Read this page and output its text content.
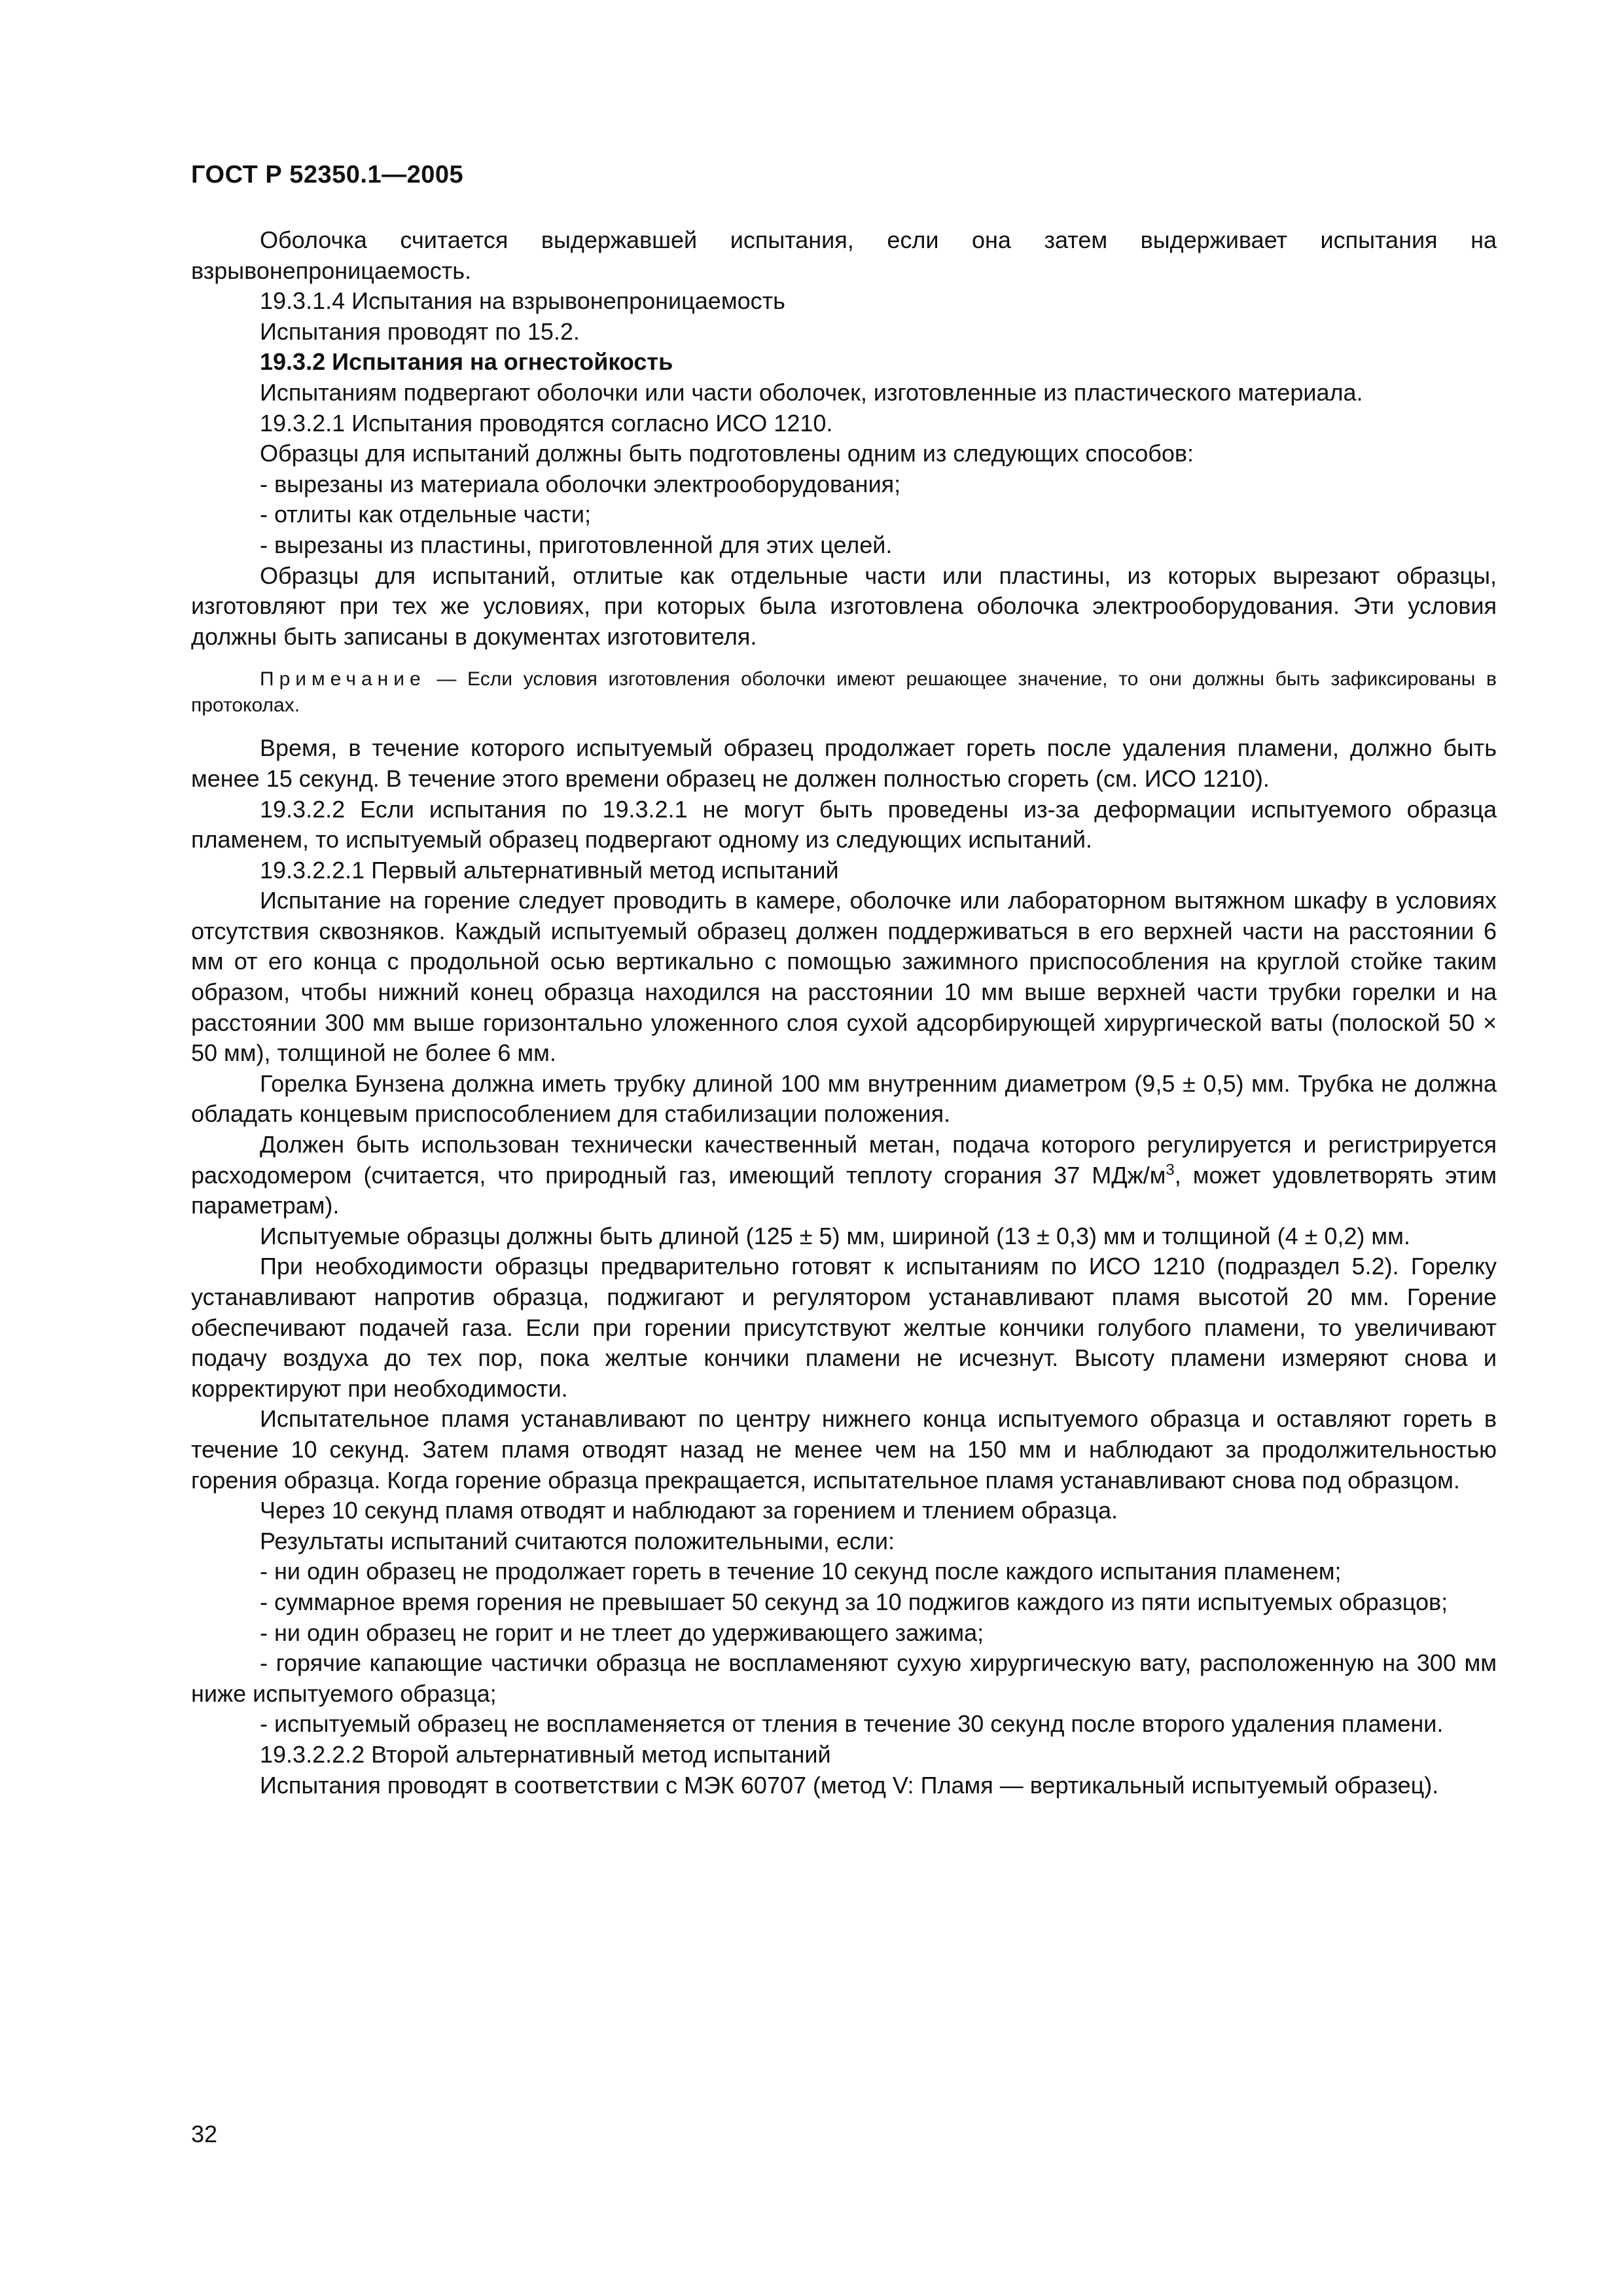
ГОСТ Р 52350.1—2005

Оболочка считается выдержавшей испытания, если она затем выдерживает испытания на взрывонепроницаемость.

19.3.1.4 Испытания на взрывонепроницаемость

Испытания проводят по 15.2.

19.3.2 Испытания на огнестойкость

Испытаниям подвергают оболочки или части оболочек, изготовленные из пластического материала.

19.3.2.1 Испытания проводятся согласно ИСО 1210.

Образцы для испытаний должны быть подготовлены одним из следующих способов:

- вырезаны из материала оболочки электрооборудования;

- отлиты как отдельные части;

- вырезаны из пластины, приготовленной для этих целей.

Образцы для испытаний, отлитые как отдельные части или пластины, из которых вырезают образцы, изготовляют при тех же условиях, при которых была изготовлена оболочка электрооборудования. Эти условия должны быть записаны в документах изготовителя.

Примечание — Если условия изготовления оболочки имеют решающее значение, то они должны быть зафиксированы в протоколах.

Время, в течение которого испытуемый образец продолжает гореть после удаления пламени, должно быть менее 15 секунд. В течение этого времени образец не должен полностью сгореть (см. ИСО 1210).

19.3.2.2 Если испытания по 19.3.2.1 не могут быть проведены из-за деформации испытуемого образца пламенем, то испытуемый образец подвергают одному из следующих испытаний.

19.3.2.2.1 Первый альтернативный метод испытаний

Испытание на горение следует проводить в камере, оболочке или лабораторном вытяжном шкафу в условиях отсутствия сквозняков. Каждый испытуемый образец должен поддерживаться в его верхней части на расстоянии 6 мм от его конца с продольной осью вертикально с помощью зажимного приспособления на круглой стойке таким образом, чтобы нижний конец образца находился на расстоянии 10 мм выше верхней части трубки горелки и на расстоянии 300 мм выше горизонтально уложенного слоя сухой адсорбирующей хирургической ваты (полоской 50 × 50 мм), толщиной не более 6 мм.

Горелка Бунзена должна иметь трубку длиной 100 мм внутренним диаметром (9,5 ± 0,5) мм. Трубка не должна обладать концевым приспособлением для стабилизации положения.

Должен быть использован технически качественный метан, подача которого регулируется и регистрируется расходомером (считается, что природный газ, имеющий теплоту сгорания 37 МДж/$м^3$, может удовлетворять этим параметрам).

Испытуемые образцы должны быть длиной (125 ± 5) мм, шириной (13 ± 0,3) мм и толщиной (4 ± 0,2) мм.

При необходимости образцы предварительно готовят к испытаниям по ИСО 1210 (подраздел 5.2). Горелку устанавливают напротив образца, поджигают и регулятором устанавливают пламя высотой 20 мм. Горение обеспечивают подачей газа. Если при горении присутствуют желтые кончики голубого пламени, то увеличивают подачу воздуха до тех пор, пока желтые кончики пламени не исчезнут. Высоту пламени измеряют снова и корректируют при необходимости.

Испытательное пламя устанавливают по центру нижнего конца испытуемого образца и оставляют гореть в течение 10 секунд. Затем пламя отводят назад не менее чем на 150 мм и наблюдают за продолжительностью горения образца. Когда горение образца прекращается, испытательное пламя устанавливают снова под образцом.

Через 10 секунд пламя отводят и наблюдают за горением и тлением образца.

Результаты испытаний считаются положительными, если:

- ни один образец не продолжает гореть в течение 10 секунд после каждого испытания пламенем;

- суммарное время горения не превышает 50 секунд за 10 поджигов каждого из пяти испытуемых образцов;

- ни один образец не горит и не тлеет до удерживающего зажима;

- горячие капающие частички образца не воспламеняют сухую хирургическую вату, расположенную на 300 мм ниже испытуемого образца;

- испытуемый образец не воспламеняется от тления в течение 30 секунд после второго удаления пламени.

19.3.2.2.2 Второй альтернативный метод испытаний

Испытания проводят в соответствии с МЭК 60707 (метод V: Пламя — вертикальный испытуемый образец).

32
